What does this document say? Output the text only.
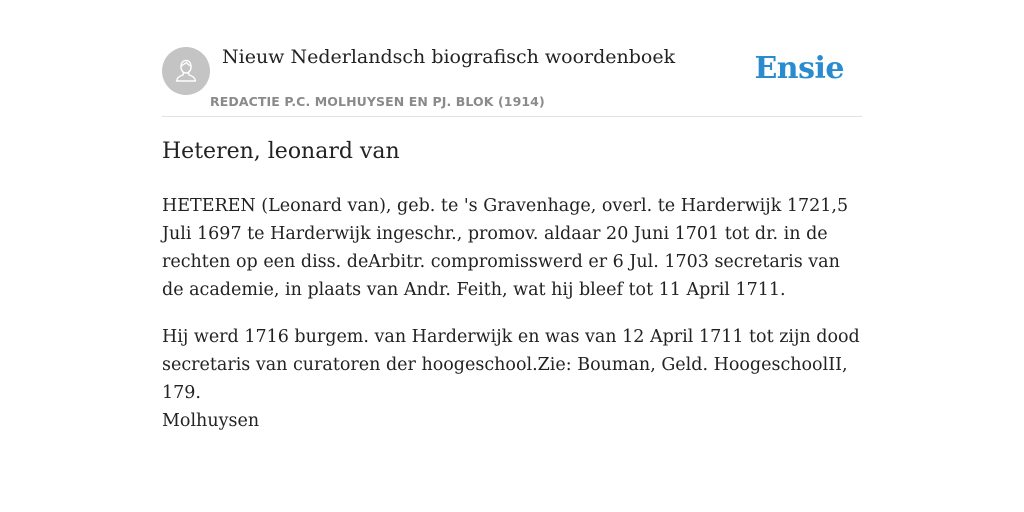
Nieuw Nederlandsch biografisch woordenboek
REDACTIE P.C. MOLHUYSEN EN PJ. BLOK (1914)
Ensie
Heteren, leonard van

HETEREN (Leonard van), geb. te 's Gravenhage, overl. te Harderwijk 1721,5 Juli 1697 te Harderwijk ingeschr., promov. aldaar 20 Juni 1701 tot dr. in de rechten op een diss. deArbitr. compromisswerd er 6 Jul. 1703 secretaris van de academie, in plaats van Andr. Feith, wat hij bleef tot 11 April 1711.

Hij werd 1716 burgem. van Harderwijk en was van 12 April 1711 tot zijn dood secretaris van curatoren der hoogeschool.Zie: Bouman, Geld. HoogeschoolII, 179.

Molhuysen
